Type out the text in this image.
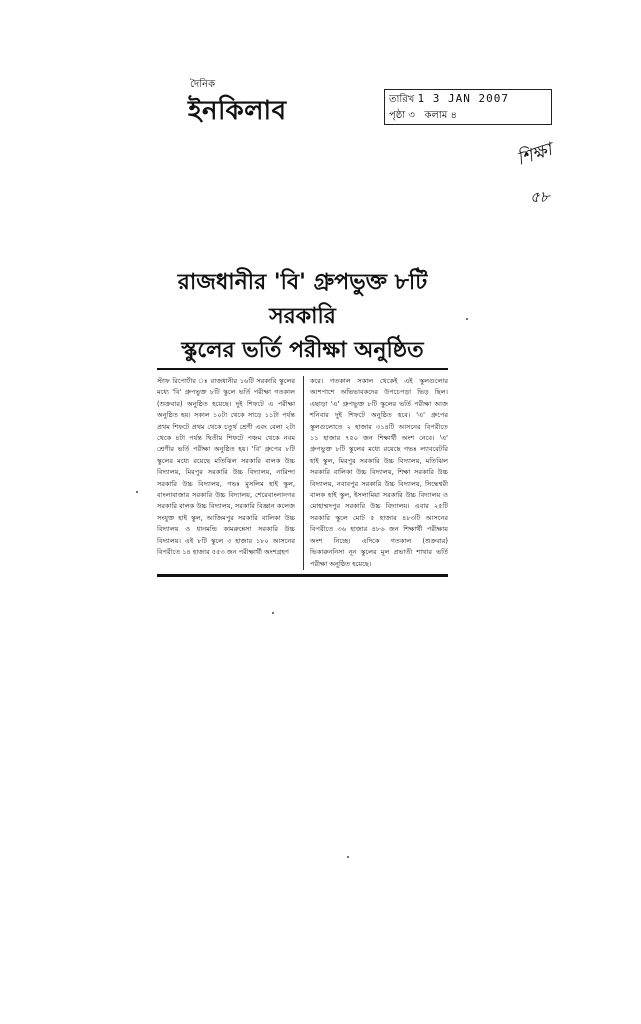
দৈনিক
ইনকিলাব	তারিখ 1 3 JAN 2007
পৃষ্ঠা ৩ কলাম ৪
শিক্ষা
৫৮
রাজধানীর 'বি' গ্রুপভুক্ত ৮টি সরকারি
স্কুলের ভর্তি পরীক্ষা অনুষ্ঠিত
স্টাফ রিপোর্টার ঃ রাজধানীর ১৬টি সরকারি স্কুলের মধ্যে 'বি' গ্রুপভুক্ত ৮টি স্কুলে ভর্তি পরীক্ষা গতকাল (শুক্রবার) অনুষ্ঠিত হয়েছে। দুই শিফটে এ পরীক্ষা অনুষ্ঠিত হয়। সকাল ১০টা থেকে সাড়ে ১১টা পর্যন্ত প্রথম শিফটে প্রথম থেকে চতুর্থ শ্রেণী এবং বেলা ২টা থেকে ৪টা পর্যন্ত দ্বিতীয় শিফটে পঞ্চম থেকে নবম শ্রেণীর ভর্তি পরীক্ষা অনুষ্ঠিত হয়। 'বি' গ্রুপের ৮টি স্কুলের মধ্যে রয়েছে মতিঝিল সরকারি বালক উচ্চ বিদ্যালয়, মিরপুর সরকারি উচ্চ বিদ্যালয়, নারিন্দা সরকারি উচ্চ বিদ্যালয়, গভঃ মুসলিম হাই স্কুল, বাংলাবাজার সরকারি উচ্চ বিদ্যালয়, শেরেবাংলানগর সরকারি বালক উচ্চ বিদ্যালয়, সরকারি বিজ্ঞান কলেজ সংযুক্ত হাই স্কুল, আজিমপুর সরকারি বালিকা উচ্চ বিদ্যালয় ও ধানমন্ডি কামরুন্নেসা সরকারি উচ্চ বিদ্যালয়। এই ৮টি স্কুলে ৩ হাজার ১৮০ আসনের বিপরীতে ১৪ হাজার ৫৫৩ জন পরীক্ষার্থী অংশগ্রহণ
করে। গতকাল সকাল থেকেই এই স্কুলগুলোর আশপাশে অভিভাবকদের উপচেপড়া ভিড় ছিল। এছাড়া 'এ' গ্রুপভুক্ত ৮টি স্কুলের ভর্তি পরীক্ষা আজ শনিবার দুই শিফটে অনুষ্ঠিত হবে। 'এ' গ্রুপের স্কুলগুলোতে ২ হাজার ৩১৪টি আসনের বিপরীতে ১১ হাজার ৭৫০ জন শিক্ষার্থী অংশ নেবে। 'এ' গ্রুপভুক্ত ৮টি স্কুলের মধ্যে রয়েছে গভঃ ল্যাবরেটরি হাই স্কুল, মিরপুর সরকারি উচ্চ বিদ্যালয়, মতিঝিল সরকারি বালিকা উচ্চ বিদ্যালয়, শিক্ষা সরকারি উচ্চ বিদ্যালয়, নবাবপুর সরকারি উচ্চ বিদ্যালয়, সিদ্ধেশ্বরী বালক হাই স্কুল, ইসলামিয়া সরকারি উচ্চ বিদ্যালয় ও মোহাম্মদপুর সরকারি উচ্চ বিদ্যালয়। এবার ২৫টি সরকারি স্কুলে মোট ৫ হাজার ৪৮৩টি আসনের বিপরীতে ৩৬ হাজার ৪৮৬ জন শিক্ষার্থী পরীক্ষায় অংশ নিচ্ছে। এদিকে গতকাল (শুক্রবার) ভিকারুননিসা নূন স্কুলের মূল প্রভাতী শাখার ভর্তি পরীক্ষা অনুষ্ঠিত হয়েছে।
